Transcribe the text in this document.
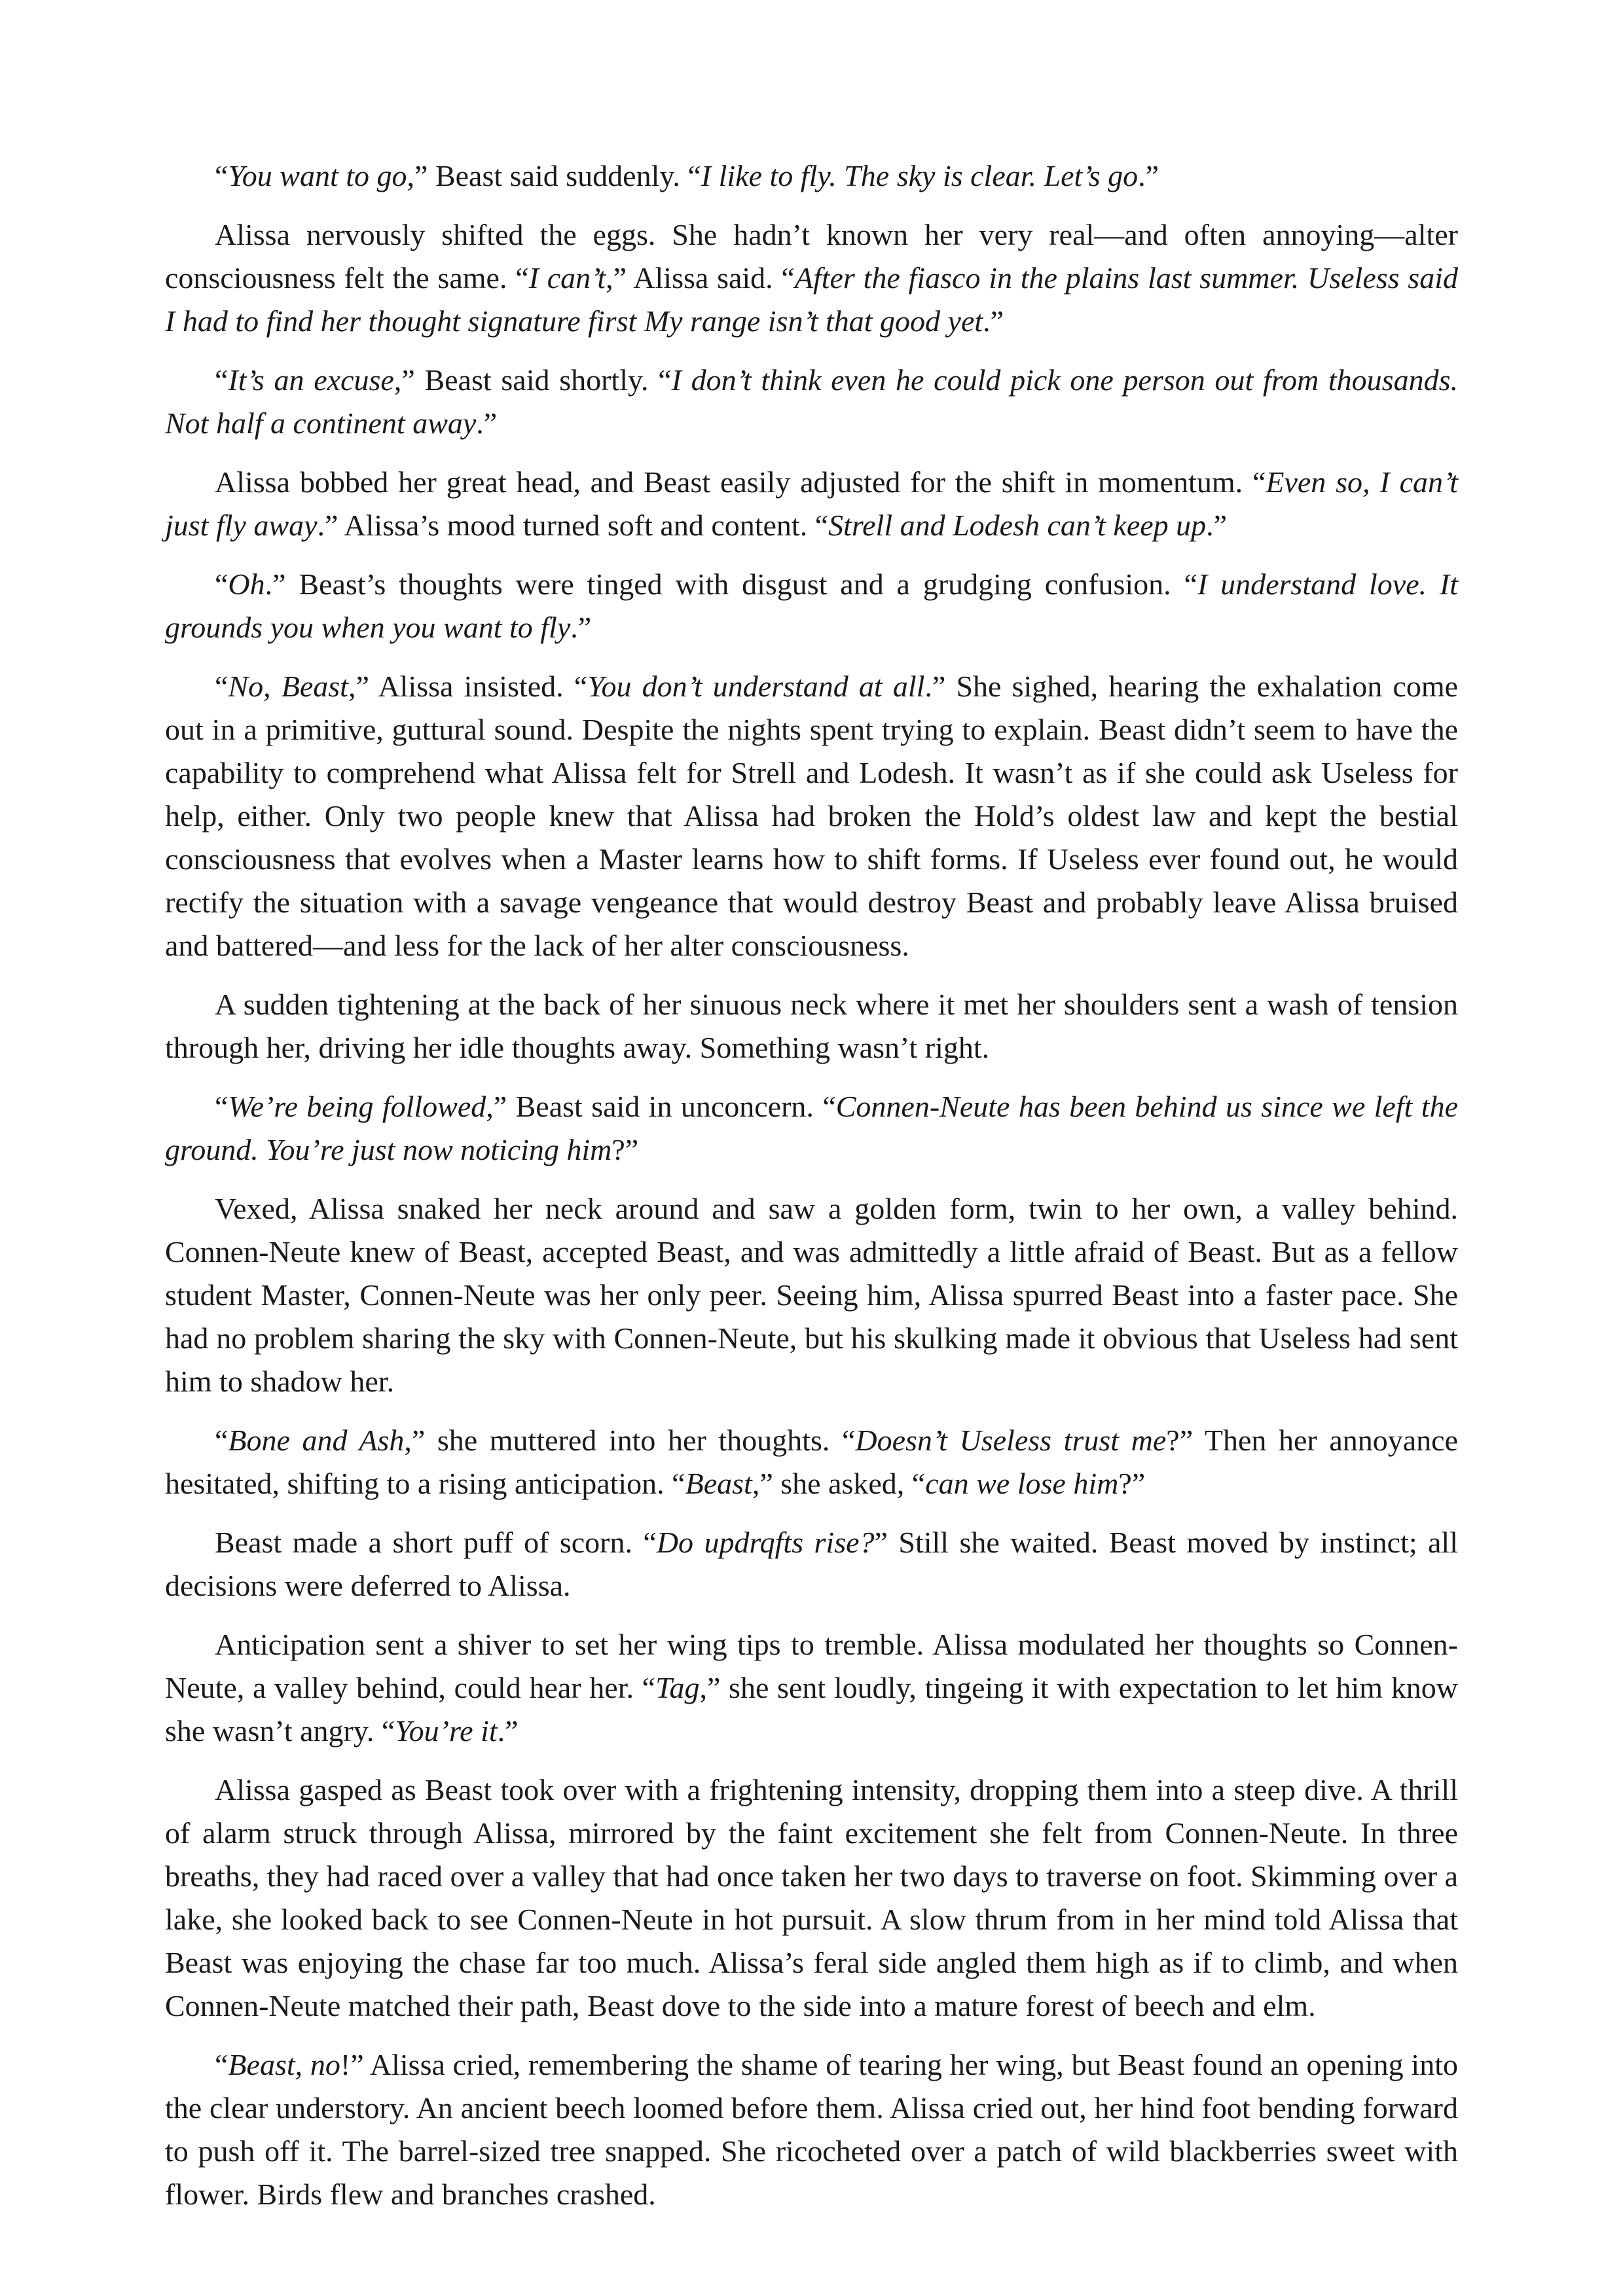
“You want to go,” Beast said suddenly. “I like to fly. The sky is clear. Let’s go.”

Alissa nervously shifted the eggs. She hadn’t known her very real—and often annoying—alter consciousness felt the same. “I can’t,” Alissa said. “After the fiasco in the plains last summer. Useless said I had to find her thought signature first My range isn’t that good yet.”

“It’s an excuse,” Beast said shortly. “I don’t think even he could pick one person out from thousands. Not half a continent away.”

Alissa bobbed her great head, and Beast easily adjusted for the shift in momentum. “Even so, I can’t just fly away.” Alissa’s mood turned soft and content. “Strell and Lodesh can’t keep up.”

“Oh.” Beast’s thoughts were tinged with disgust and a grudging confusion. “I understand love. It grounds you when you want to fly.”

“No, Beast,” Alissa insisted. “You don’t understand at all.” She sighed, hearing the exhalation come out in a primitive, guttural sound. Despite the nights spent trying to explain. Beast didn’t seem to have the capability to comprehend what Alissa felt for Strell and Lodesh. It wasn’t as if she could ask Useless for help, either. Only two people knew that Alissa had broken the Hold’s oldest law and kept the bestial consciousness that evolves when a Master learns how to shift forms. If Useless ever found out, he would rectify the situation with a savage vengeance that would destroy Beast and probably leave Alissa bruised and battered—and less for the lack of her alter consciousness.

A sudden tightening at the back of her sinuous neck where it met her shoulders sent a wash of tension through her, driving her idle thoughts away. Something wasn’t right.

“We’re being followed,” Beast said in unconcern. “Connen-Neute has been behind us since we left the ground. You’re just now noticing him?”

Vexed, Alissa snaked her neck around and saw a golden form, twin to her own, a valley behind. Connen-Neute knew of Beast, accepted Beast, and was admittedly a little afraid of Beast. But as a fellow student Master, Connen-Neute was her only peer. Seeing him, Alissa spurred Beast into a faster pace. She had no problem sharing the sky with Connen-Neute, but his skulking made it obvious that Useless had sent him to shadow her.

“Bone and Ash,” she muttered into her thoughts. “Doesn’t Useless trust me?” Then her annoyance hesitated, shifting to a rising anticipation. “Beast,” she asked, “can we lose him?”

Beast made a short puff of scorn. “Do updrqfts rise?” Still she waited. Beast moved by instinct; all decisions were deferred to Alissa.

Anticipation sent a shiver to set her wing tips to tremble. Alissa modulated her thoughts so Connen-Neute, a valley behind, could hear her. “Tag,” she sent loudly, tingeing it with expectation to let him know she wasn’t angry. “You’re it.”

Alissa gasped as Beast took over with a frightening intensity, dropping them into a steep dive. A thrill of alarm struck through Alissa, mirrored by the faint excitement she felt from Connen-Neute. In three breaths, they had raced over a valley that had once taken her two days to traverse on foot. Skimming over a lake, she looked back to see Connen-Neute in hot pursuit. A slow thrum from in her mind told Alissa that Beast was enjoying the chase far too much. Alissa’s feral side angled them high as if to climb, and when Connen-Neute matched their path, Beast dove to the side into a mature forest of beech and elm.

“Beast, no!” Alissa cried, remembering the shame of tearing her wing, but Beast found an opening into the clear understory. An ancient beech loomed before them. Alissa cried out, her hind foot bending forward to push off it. The barrel-sized tree snapped. She ricocheted over a patch of wild blackberries sweet with flower. Birds flew and branches crashed.
